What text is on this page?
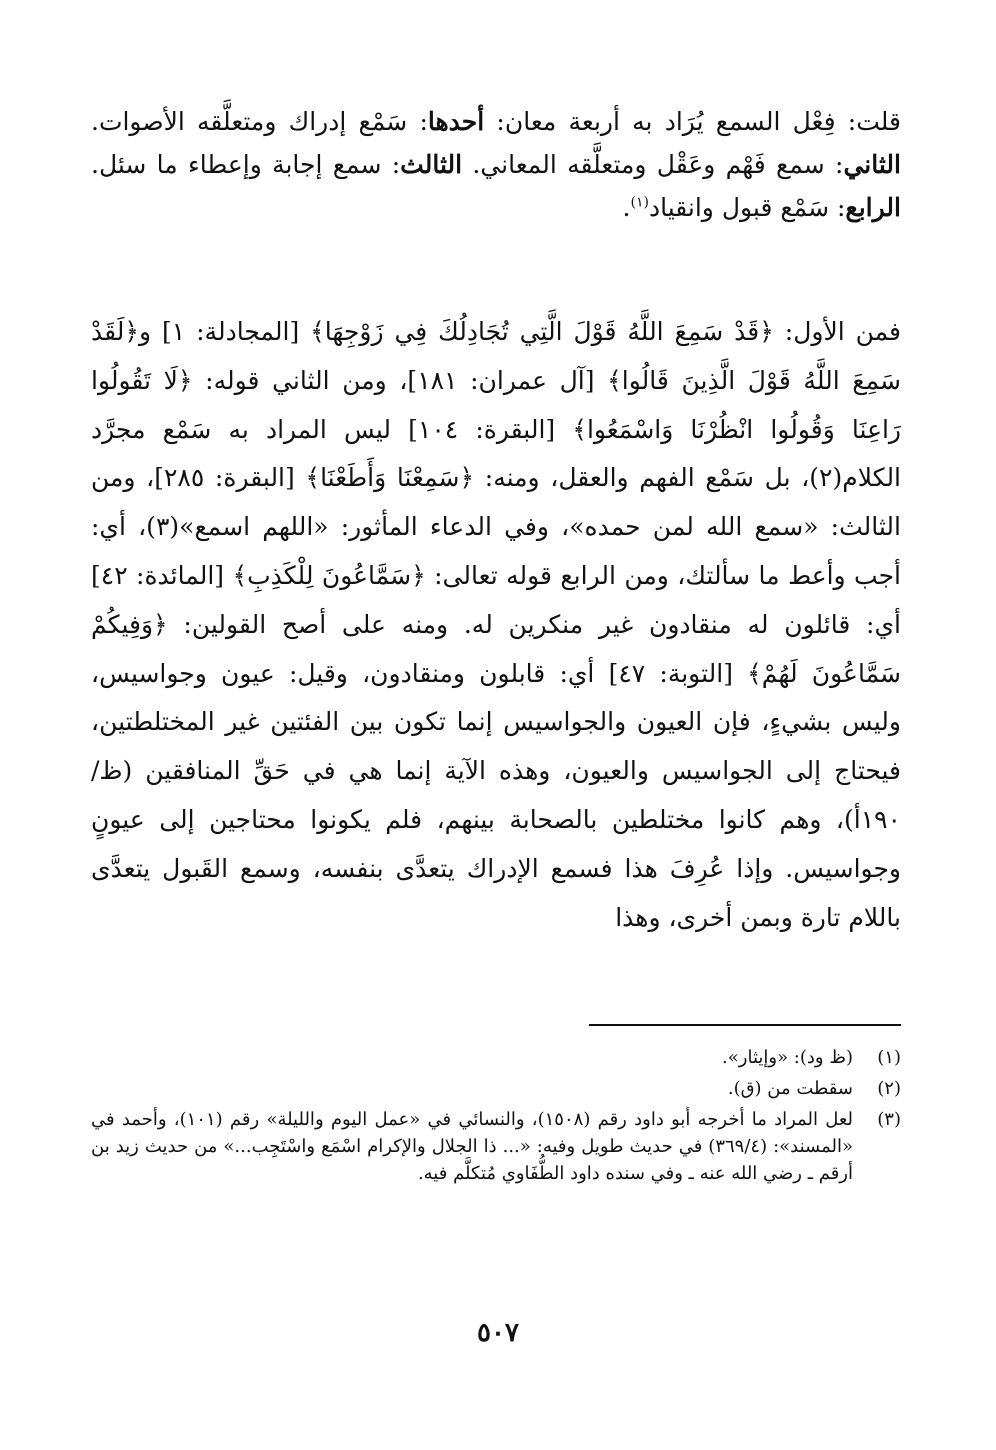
قلت: فِعْل السمع يُرَاد به أربعة معان: أحدها: سَمْع إدراك ومتعلَّقه الأصوات. الثاني: سمع فَهْم وعَقْل ومتعلَّقه المعاني. الثالث: سمع إجابة وإعطاء ما سئل. الرابع: سَمْع قبول وانقياد$^{(١)}$.
فمن الأول: ﴿قَدْ سَمِعَ اللَّهُ قَوْلَ الَّتِي تُجَادِلُكَ فِي زَوْجِهَا﴾ [المجادلة: ١] و﴿لَقَدْ سَمِعَ اللَّهُ قَوْلَ الَّذِينَ قَالُوا﴾ [آل عمران: ١٨١]، ومن الثاني قوله: ﴿لَا تَقُولُوا رَاعِنَا وَقُولُوا انْظُرْنَا وَاسْمَعُوا﴾ [البقرة: ١٠٤] ليس المراد به سَمْع مجرَّد الكلام(٢)، بل سَمْع الفهم والعقل، ومنه: ﴿سَمِعْنَا وَأَطَعْنَا﴾ [البقرة: ٢٨٥]، ومن الثالث: «سمع الله لمن حمده»، وفي الدعاء المأثور: «اللهم اسمع»(٣)، أي: أجب وأعط ما سألتك، ومن الرابع قوله تعالى: ﴿سَمَّاعُونَ لِلْكَذِبِ﴾ [المائدة: ٤٢] أي: قائلون له منقادون غير منكرين له. ومنه على أصح القولين: ﴿وَفِيكُمْ سَمَّاعُونَ لَهُمْ﴾ [التوبة: ٤٧] أي: قابلون ومنقادون، وقيل: عيون وجواسيس، وليس بشيءٍ، فإن العيون والجواسيس إنما تكون بين الفئتين غير المختلطتين، فيحتاج إلى الجواسيس والعيون، وهذه الآية إنما هي في حَقِّ المنافقين (ظ/١٩٠أ)، وهم كانوا مختلطين بالصحابة بينهم، فلم يكونوا محتاجين إلى عيونٍ وجواسيس. وإذا عُرِفَ هذا فسمع الإدراك يتعدَّى بنفسه، وسمع القَبول يتعدَّى باللام تارة وبمن أخرى، وهذا
(١)
(ظ ود): «وإيثار».
(٢)
سقطت من (ق).
(٣)
لعل المراد ما أخرجه أبو داود رقم (١٥٠٨)، والنسائي في «عمل اليوم والليلة» رقم (١٠١)، وأحمد في «المسند»: (٣٦٩/٤) في حديث طويل وفيه: «... ذا الجلال والإكرام اسْمَع واسْتَجِب...» من حديث زيد بن أرقم ـ رضي الله عنه ـ وفي سنده داود الطُّفَاوي مُتكلَّم فيه.
٥٠٧
